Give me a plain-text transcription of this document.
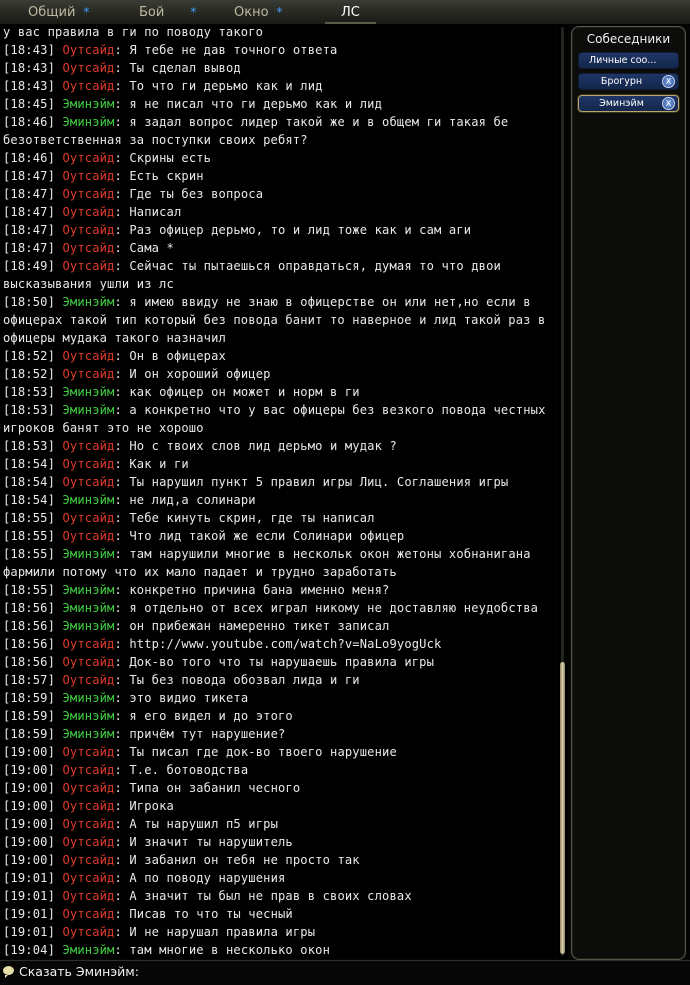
Общий *	Бой *	Окно *	ЛС
у вас правила в ги по поводу такого
[18:43] Оутсайд: Я тебе не дав точного ответа
[18:43] Оутсайд: Ты сделал вывод
[18:43] Оутсайд: То что ги дерьмо как и лид
[18:45] Эминэйм: я не писал что ги дерьмо как и лид
[18:46] Эминэйм: я задал вопрос лидер такой же и в общем ги такая бе безответственная за поступки своих ребят?
[18:46] Оутсайд: Скрины есть
[18:47] Оутсайд: Есть скрин
[18:47] Оутсайд: Где ты без вопроса
[18:47] Оутсайд: Написал
[18:47] Оутсайд: Раз офицер дерьмо, то и лид тоже как и сам аги
[18:47] Оутсайд: Сама *
[18:49] Оутсайд: Сейчас ты пытаешься оправдаться, думая то что двои высказывания ушли из лс
[18:50] Эминэйм: я имею ввиду не знаю в офицерстве он или нет,но если в офицерах такой тип который без повода банит то наверное и лид такой раз в офицеры мудака такого назначил
[18:52] Оутсайд: Он в офицерах
[18:52] Оутсайд: И он хороший офицер
[18:53] Эминэйм: как офицер он может и норм в ги
[18:53] Эминэйм: а конкретно что у вас офицеры без везкого повода честных игроков банят это не хорошо
[18:53] Оутсайд: Но с твоих слов лид дерьмо и мудак ?
[18:54] Оутсайд: Как и ги
[18:54] Оутсайд: Ты нарушил пункт 5 правил игры Лиц. Соглашения игры
[18:54] Эминэйм: не лид,а солинари
[18:55] Оутсайд: Тебе кинуть скрин, где ты написал
[18:55] Оутсайд: Что лид такой же если Солинари офицер
[18:55] Эминэйм: там нарушили многие в нескольк окон жетоны хобнанигана фармили потому что их мало падает и трудно заработать
[18:55] Эминэйм: конкретно причина бана именно меня?
[18:56] Эминэйм: я отдельно от всех играл никому не доставляю неудобства
[18:56] Эминэйм: он прибежан намеренно тикет записал
[18:56] Оутсайд: http://www.youtube.com/watch?v=NaLo9yogUck
[18:56] Оутсайд: Док-во того что ты нарушаешь правила игры
[18:57] Оутсайд: Ты без повода обозвал лида и ги
[18:59] Эминэйм: это видио тикета
[18:59] Эминэйм: я его видел и до этого
[18:59] Эминэйм: причём тут нарушение?
[19:00] Оутсайд: Ты писал где док-во твоего нарушение
[19:00] Оутсайд: Т.е. ботоводства
[19:00] Оутсайд: Типа он забанил чесного
[19:00] Оутсайд: Игрока
[19:00] Оутсайд: А ты нарушил п5 игры
[19:00] Оутсайд: И значит ты нарушитель
[19:00] Оутсайд: И забанил он тебя не просто так
[19:01] Оутсайд: А по поводу нарушения
[19:01] Оутсайд: А значит ты был не прав в своих словах
[19:01] Оутсайд: Писав то что ты чесный
[19:01] Оутсайд: И не нарушал правила игры
[19:04] Эминэйм: там многие в несколько окон
Собеседники
Личные соо...
Брогурн	X
Эминэйм	X
Сказать Эминэйм:
